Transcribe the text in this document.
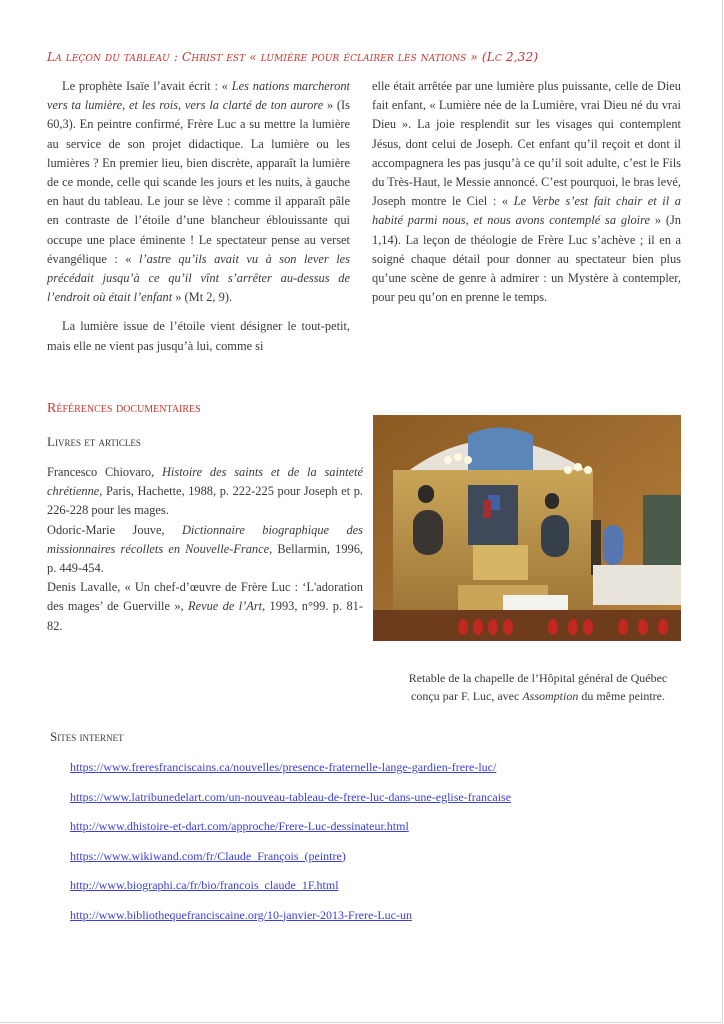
La leçon du tableau : Christ est « lumière pour éclairer les nations » (Lc 2,32)

Le prophète Isaïe l’avait écrit : « Les nations marcheront vers ta lumière, et les rois, vers la clarté de ton aurore » (Is 60,3). En peintre confirmé, Frère Luc a su mettre la lumière au service de son projet didactique. La lumière ou les lumières ? En premier lieu, bien discrète, apparaît la lumière de ce monde, celle qui scande les jours et les nuits, à gauche en haut du tableau. Le jour se lève : comme il apparaît pâle en contraste de l’étoile d’une blancheur éblouissante qui occupe une place éminente ! Le spectateur pense au verset évangélique : « l’astre qu’ils avait vu à son lever les précédait jusqu’à ce qu’il vînt s’arrêter au-dessus de l’endroit où était l’enfant » (Mt 2, 9).

La lumière issue de l’étoile vient désigner le tout-petit, mais elle ne vient pas jusqu’à lui, comme si

elle était arrêtée par une lumière plus puissante, celle de Dieu fait enfant, « Lumière née de la Lumière, vrai Dieu né du vrai Dieu ». La joie resplendit sur les visages qui contemplent Jésus, dont celui de Joseph. Cet enfant qu’il reçoit et dont il accompagnera les pas jusqu’à ce qu’il soit adulte, c’est le Fils du Très-Haut, le Messie annoncé. C’est pourquoi, le bras levé, Joseph montre le Ciel : « Le Verbe s’est fait chair et il a habité parmi nous, et nous avons contemplé sa gloire » (Jn 1,14). La leçon de théologie de Frère Luc s’achève ; il en a soigné chaque détail pour donner au spectateur bien plus qu’une scène de genre à admirer : un Mystère à contempler, pour peu qu’on en prenne le temps.

Références documentaires
Livres et articles

Francesco Chiovaro, Histoire des saints et de la sainteté chrétienne, Paris, Hachette, 1988, p. 222-225 pour Joseph et p. 226-228 pour les mages.

Odoric-Marie Jouve, Dictionnaire biographique des missionnaires récollets en Nouvelle-France, Bellarmin, 1996, p. 449-454.

Denis Lavalle, « Un chef-d’œuvre de Frère Luc : ‘L'adoration des mages’ de Guerville », Revue de l’Art, 1993, n°99. p. 81-82.

Retable de la chapelle de l’Hôpital général de Québec
conçu par F. Luc, avec Assomption du même peintre.
Sites internet
https://www.freresfranciscains.ca/nouvelles/presence-fraternelle-lange-gardien-frere-luc/
https://www.latribunedelart.com/un-nouveau-tableau-de-frere-luc-dans-une-eglise-francaise
http://www.dhistoire-et-dart.com/approche/Frere-Luc-dessinateur.html
https://www.wikiwand.com/fr/Claude_François_(peintre)
http://www.biographi.ca/fr/bio/francois_claude_1F.html
http://www.bibliothequefranciscaine.org/10-janvier-2013-Frere-Luc-un
